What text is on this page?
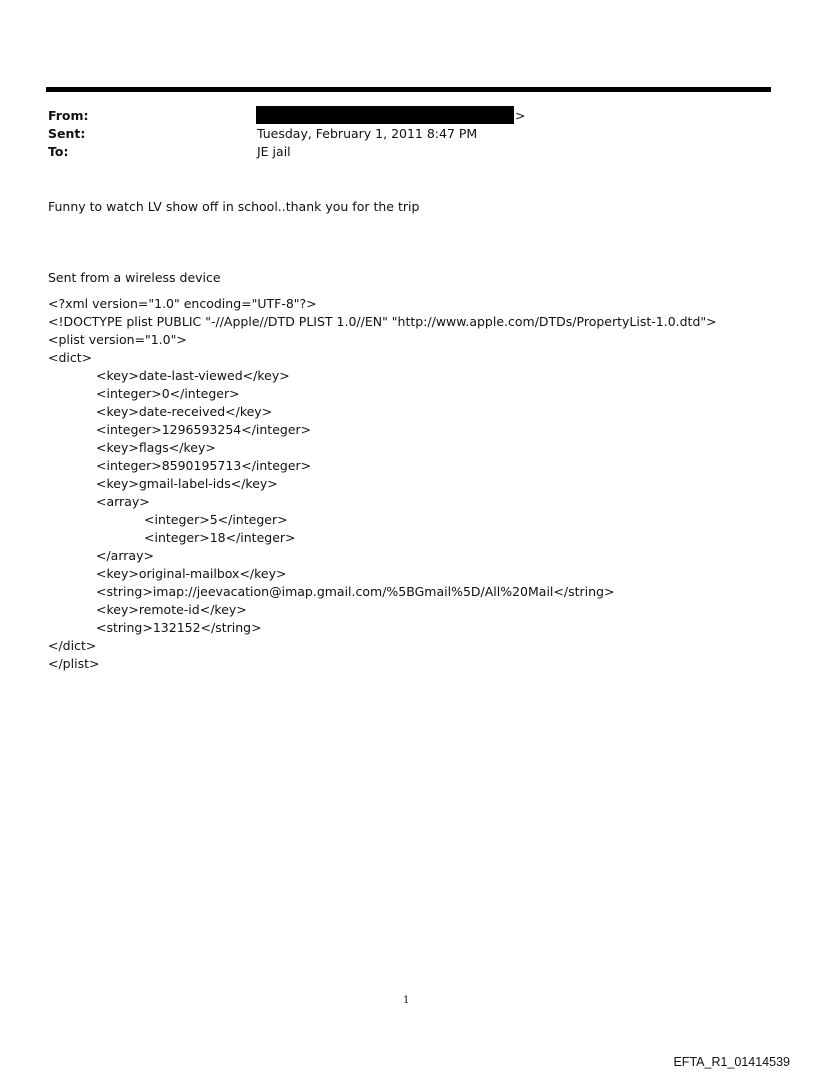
From:	>
Sent:	Tuesday, February 1, 2011 8:47 PM
To:	JE jail
Funny to watch LV show off in school..thank you for the trip
Sent from a wireless device
<?xml version="1.0" encoding="UTF-8"?>
<!DOCTYPE plist PUBLIC "-//Apple//DTD PLIST 1.0//EN" "http://www.apple.com/DTDs/PropertyList-1.0.dtd">
<plist version="1.0">
<dict>
<key>date-last-viewed</key>
<integer>0</integer>
<key>date-received</key>
<integer>1296593254</integer>
<key>flags</key>
<integer>8590195713</integer>
<key>gmail-label-ids</key>
<array>
<integer>5</integer>
<integer>18</integer>
</array>
<key>original-mailbox</key>
<string>imap://jeevacation@imap.gmail.com/%5BGmail%5D/All%20Mail</string>
<key>remote-id</key>
<string>132152</string>
</dict>
</plist>
1
EFTA_R1_01414539
